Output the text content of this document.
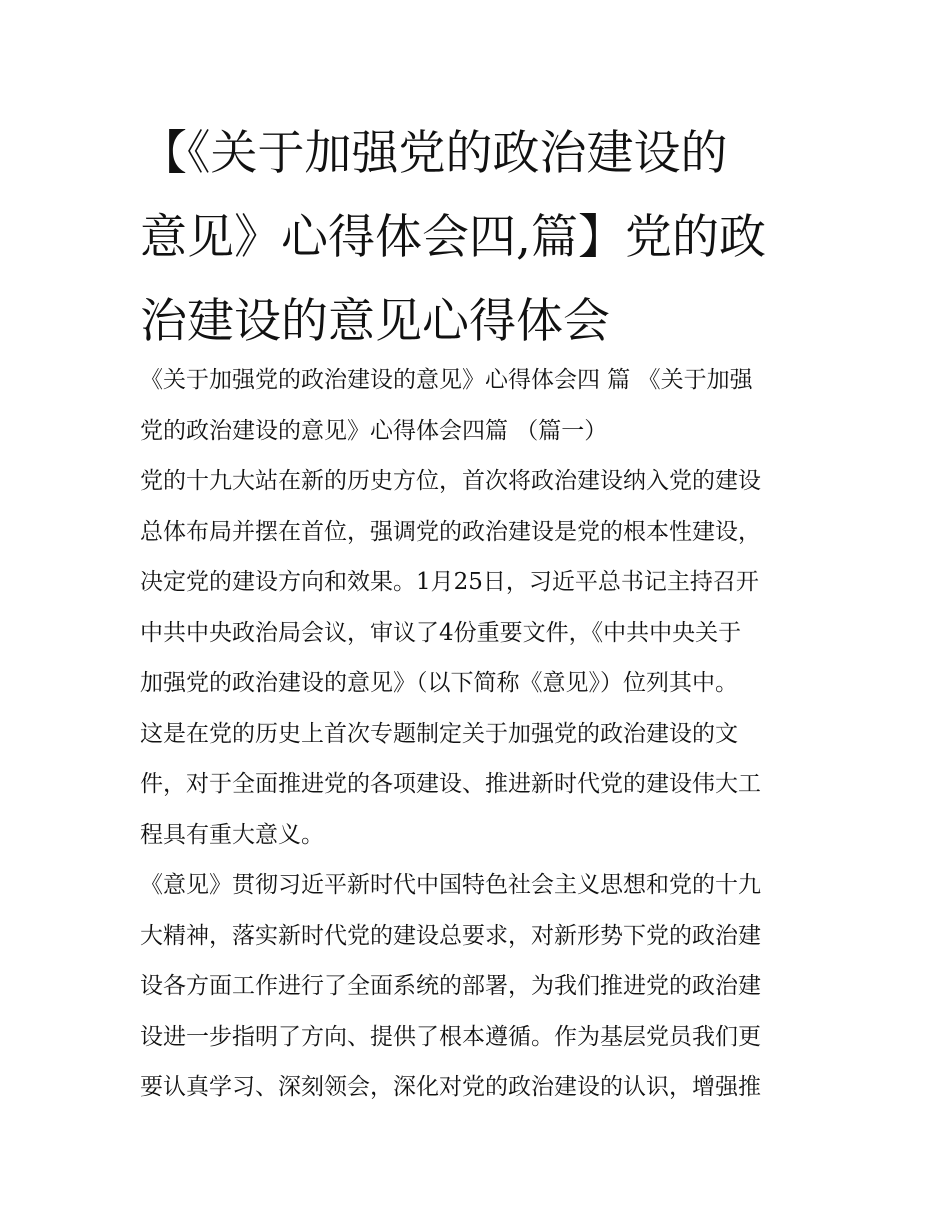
【《关于加强党的政治建设的
意见》心得体会四,篇】党的政
治建设的意见心得体会
《关于加强党的政治建设的意见》心得体会四 篇 《关于加强
党的政治建设的意见》心得体会四篇 （篇一）
党的十九大站在新的历史方位，首次将政治建设纳入党的建设
总体布局并摆在首位，强调党的政治建设是党的根本性建设，
决定党的建设方向和效果。1月25日，习近平总书记主持召开
中共中央政治局会议，审议了4份重要文件，《中共中央关于
加强党的政治建设的意见》（以下简称《意见》）位列其中。
这是在党的历史上首次专题制定关于加强党的政治建设的文
件，对于全面推进党的各项建设、推进新时代党的建设伟大工
程具有重大意义。
《意见》贯彻习近平新时代中国特色社会主义思想和党的十九
大精神，落实新时代党的建设总要求，对新形势下党的政治建
设各方面工作进行了全面系统的部署，为我们推进党的政治建
设进一步指明了方向、提供了根本遵循。作为基层党员我们更
要认真学习、深刻领会，深化对党的政治建设的认识，增强推
